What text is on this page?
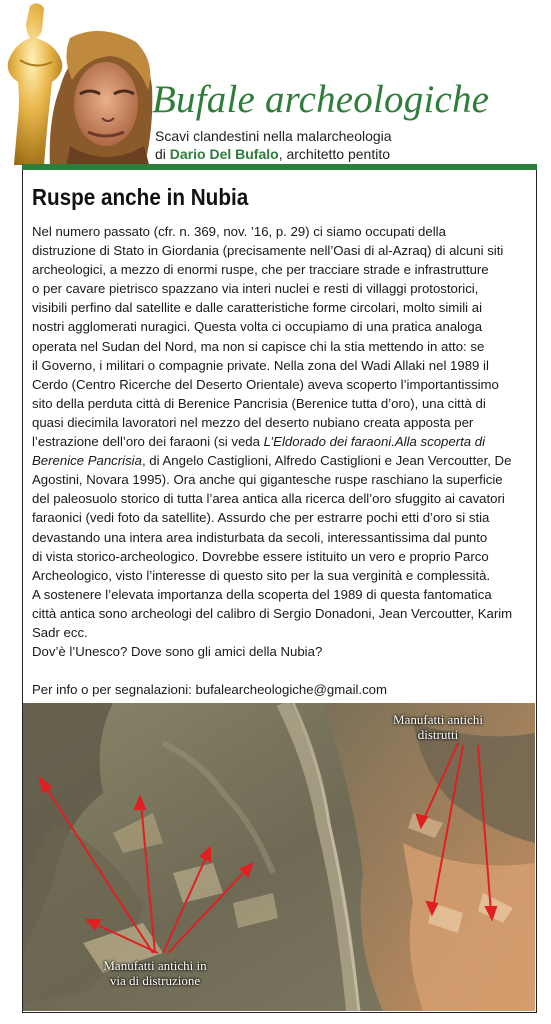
Bufale archeologiche
Scavi clandestini nella malarcheologia
di Dario Del Bufalo, architetto pentito
Ruspe anche in Nubia

Nel numero passato (cfr. n. 369, nov. ’16, p. 29) ci siamo occupati della
distruzione di Stato in Giordania (precisamente nell’Oasi di al-Azraq) di alcuni siti
archeologici, a mezzo di enormi ruspe, che per tracciare strade e infrastrutture
o per cavare pietrisco spazzano via interi nuclei e resti di villaggi protostorici,
visibili perfino dal satellite e dalle caratteristiche forme circolari, molto simili ai
nostri agglomerati nuragici. Questa volta ci occupiamo di una pratica analoga
operata nel Sudan del Nord, ma non si capisce chi la stia mettendo in atto: se
il Governo, i militari o compagnie private. Nella zona del Wadi Allaki nel 1989 il
Cerdo (Centro Ricerche del Deserto Orientale) aveva scoperto l’importantissimo
sito della perduta città di Berenice Pancrisia (Berenice tutta d’oro), una città di
quasi diecimila lavoratori nel mezzo del deserto nubiano creata apposta per
l’estrazione dell’oro dei faraoni (si veda L’Eldorado dei faraoni.Alla scoperta di
Berenice Pancrisia, di Angelo Castiglioni, Alfredo Castiglioni e Jean Vercoutter, De
Agostini, Novara 1995). Ora anche qui gigantesche ruspe raschiano la superficie
del paleosuolo storico di tutta l’area antica alla ricerca dell’oro sfuggito ai cavatori
faraonici (vedi foto da satellite). Assurdo che per estrarre pochi etti d’oro si stia
devastando una intera area indisturbata da secoli, interessantissima dal punto
di vista storico-archeologico. Dovrebbe essere istituito un vero e proprio Parco
Archeologico, visto l’interesse di questo sito per la sua verginità e complessità.
A sostenere l’elevata importanza della scoperta del 1989 di questa fantomatica
città antica sono archeologi del calibro di Sergio Donadoni, Jean Vercoutter, Karim
Sadr ecc.
Dov’è l’Unesco? Dove sono gli amici della Nubia?

Per info o per segnalazioni: bufalearcheologiche@gmail.com

Manufatti antichi
distrutti
Manufatti antichi in
via di distruzione
